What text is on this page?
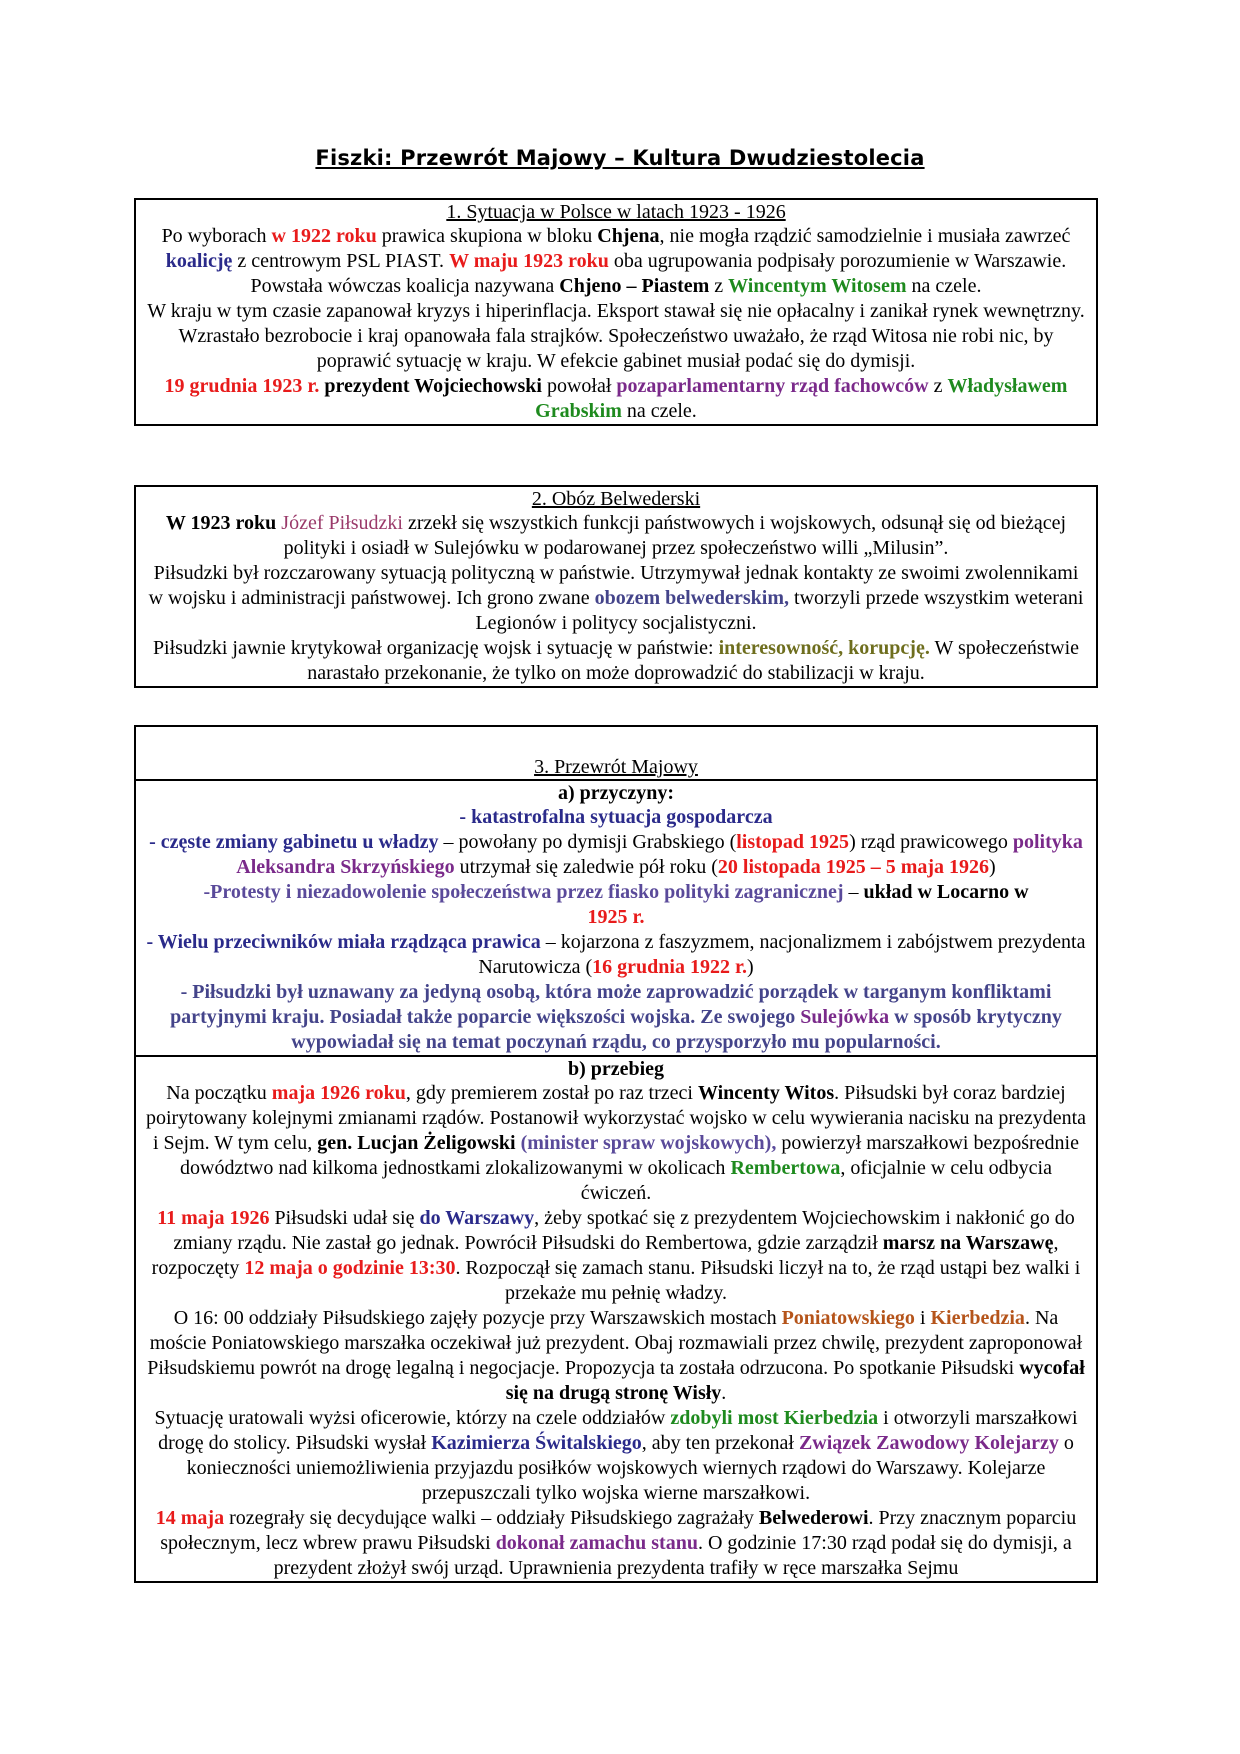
Fiszki: Przewrót Majowy – Kultura Dwudziestolecia
1. Sytuacja w Polsce w latach 1923 - 1926
Po wyborach w 1922 roku prawica skupiona w bloku Chjena, nie mogła rządzić samodzielnie i musiała zawrzeć koalicję z centrowym PSL PIAST. W maju 1923 roku oba ugrupowania podpisały porozumienie w Warszawie. Powstała wówczas koalicja nazywana Chjeno – Piastem z Wincentym Witosem na czele.
W kraju w tym czasie zapanował kryzys i hiperinflacja. Eksport stawał się nie opłacalny i zanikał rynek wewnętrzny. Wzrastało bezrobocie i kraj opanowała fala strajków. Społeczeństwo uważało, że rząd Witosa nie robi nic, by poprawić sytuację w kraju. W efekcie gabinet musiał podać się do dymisji.
19 grudnia 1923 r. prezydent Wojciechowski powołał pozaparlamentarny rząd fachowców z Władysławem Grabskim na czele.
2. Obóz Belwederski
W 1923 roku Józef Piłsudzki zrzekł się wszystkich funkcji państwowych i wojskowych, odsunął się od bieżącej polityki i osiadł w Sulejówku w podarowanej przez społeczeństwo willi „Milusin”.
Piłsudzki był rozczarowany sytuacją polityczną w państwie. Utrzymywał jednak kontakty ze swoimi zwolennikami w wojsku i administracji państwowej. Ich grono zwane obozem belwederskim, tworzyli przede wszystkim weterani Legionów i politycy socjalistyczni.
Piłsudzki jawnie krytykował organizację wojsk i sytuację w państwie: interesowność, korupcję. W społeczeństwie narastało przekonanie, że tylko on może doprowadzić do stabilizacji w kraju.
3. Przewrót Majowy
a) przyczyny:
- katastrofalna sytuacja gospodarcza
- częste zmiany gabinetu u władzy – powołany po dymisji Grabskiego (listopad 1925) rząd prawicowego polityka Aleksandra Skrzyńskiego utrzymał się zaledwie pół roku (20 listopada 1925 – 5 maja 1926)
-Protesty i niezadowolenie społeczeństwa przez fiasko polityki zagranicznej – układ w Locarno w
1925 r.
- Wielu przeciwników miała rządząca prawica – kojarzona z faszyzmem, nacjonalizmem i zabójstwem prezydenta Narutowicza (16 grudnia 1922 r.)
- Piłsudzki był uznawany za jedyną osobą, która może zaprowadzić porządek w targanym konfliktami partyjnymi kraju. Posiadał także poparcie większości wojska. Ze swojego Sulejówka w sposób krytyczny wypowiadał się na temat poczynań rządu, co przysporzyło mu popularności.
b) przebieg
Na początku maja 1926 roku, gdy premierem został po raz trzeci Wincenty Witos. Piłsudski był coraz bardziej poirytowany kolejnymi zmianami rządów. Postanowił wykorzystać wojsko w celu wywierania nacisku na prezydenta i Sejm. W tym celu, gen. Lucjan Żeligowski (minister spraw wojskowych), powierzył marszałkowi bezpośrednie dowództwo nad kilkoma jednostkami zlokalizowanymi w okolicach Rembertowa, oficjalnie w celu odbycia ćwiczeń.
11 maja 1926 Piłsudski udał się do Warszawy, żeby spotkać się z prezydentem Wojciechowskim i nakłonić go do zmiany rządu. Nie zastał go jednak. Powrócił Piłsudski do Rembertowa, gdzie zarządził marsz na Warszawę, rozpoczęty 12 maja o godzinie 13:30. Rozpoczął się zamach stanu. Piłsudski liczył na to, że rząd ustąpi bez walki i przekaże mu pełnię władzy.
O 16: 00 oddziały Piłsudskiego zajęły pozycje przy Warszawskich mostach Poniatowskiego i Kierbedzia. Na moście Poniatowskiego marszałka oczekiwał już prezydent. Obaj rozmawiali przez chwilę, prezydent zaproponował Piłsudskiemu powrót na drogę legalną i negocjacje. Propozycja ta została odrzucona. Po spotkanie Piłsudski wycofał się na drugą stronę Wisły.
Sytuację uratowali wyżsi oficerowie, którzy na czele oddziałów zdobyli most Kierbedzia i otworzyli marszałkowi drogę do stolicy. Piłsudski wysłał Kazimierza Świtalskiego, aby ten przekonał Związek Zawodowy Kolejarzy o konieczności uniemożliwienia przyjazdu posiłków wojskowych wiernych rządowi do Warszawy. Kolejarze przepuszczali tylko wojska wierne marszałkowi.
14 maja rozegrały się decydujące walki – oddziały Piłsudskiego zagrażały Belwederowi. Przy znacznym poparciu społecznym, lecz wbrew prawu Piłsudski dokonał zamachu stanu. O godzinie 17:30 rząd podał się do dymisji, a prezydent złożył swój urząd. Uprawnienia prezydenta trafiły w ręce marszałka Sejmu
